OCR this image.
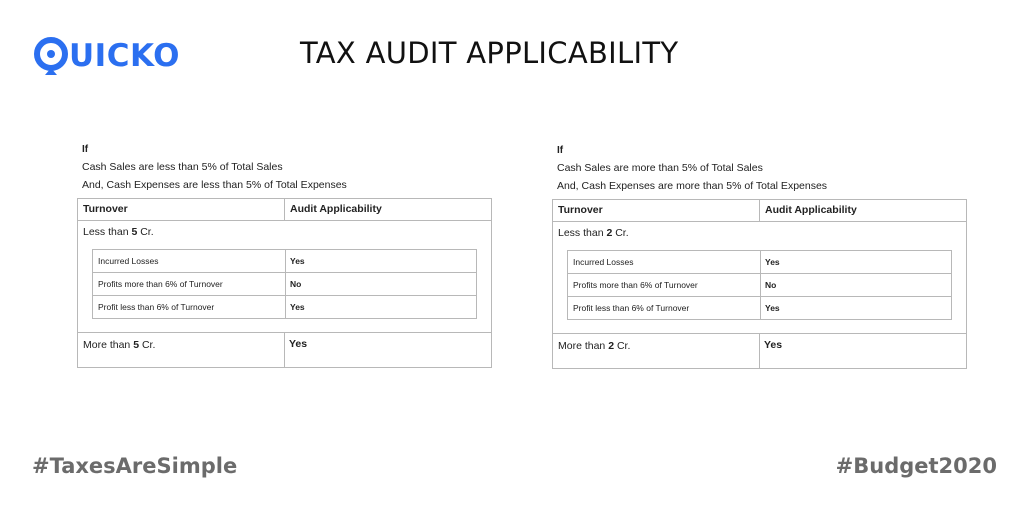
UICKO	TAX AUDIT APPLICABILITY
If
Cash Sales are less than 5% of Total Sales
And, Cash Expenses are less than 5% of Total Expenses
Turnover	Audit Applicability
Less than 5 Cr.
Incurred Losses	Yes
Profits more than 6% of Turnover	No
Profit less than 6% of Turnover	Yes
More than 5 Cr.	Yes
If
Cash Sales are more than 5% of Total Sales
And, Cash Expenses are more than 5% of Total Expenses
Turnover	Audit Applicability
Less than 2 Cr.
Incurred Losses	Yes
Profits more than 6% of Turnover	No
Profit less than 6% of Turnover	Yes
More than 2 Cr.	Yes
#TaxesAreSimple	#Budget2020
